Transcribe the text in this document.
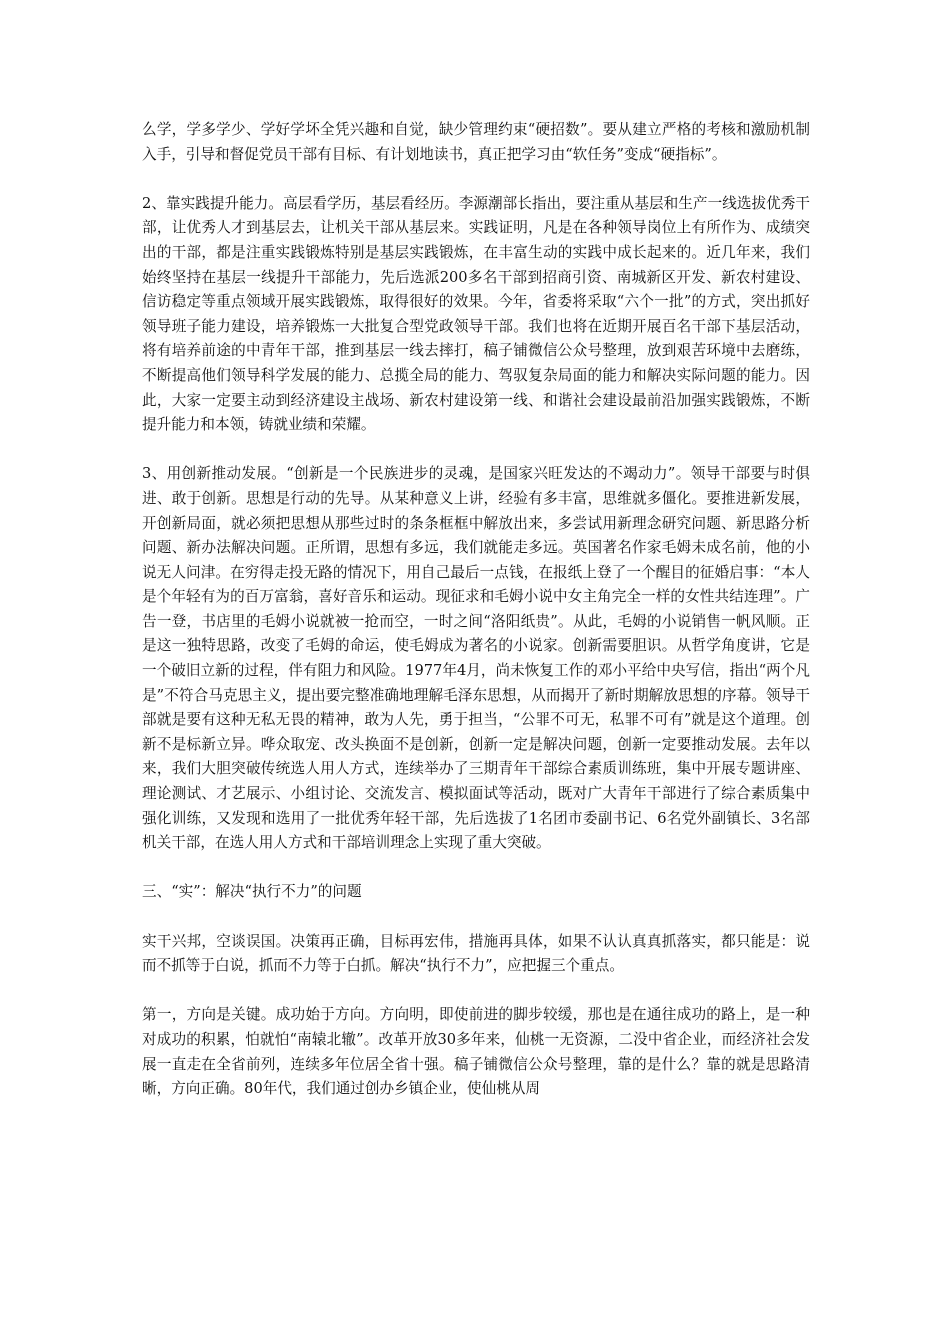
么学，学多学少、学好学坏全凭兴趣和自觉，缺少管理约束“硬招数”。要从建立严格的考核和激励机制入手，引导和督促党员干部有目标、有计划地读书，真正把学习由“软任务”变成“硬指标”。

2、靠实践提升能力。高层看学历，基层看经历。李源潮部长指出，要注重从基层和生产一线选拔优秀干部，让优秀人才到基层去，让机关干部从基层来。实践证明，凡是在各种领导岗位上有所作为、成绩突出的干部，都是注重实践锻炼特别是基层实践锻炼，在丰富生动的实践中成长起来的。近几年来，我们始终坚持在基层一线提升干部能力，先后选派200多名干部到招商引资、南城新区开发、新农村建设、信访稳定等重点领域开展实践锻炼，取得很好的效果。今年，省委将采取“六个一批”的方式，突出抓好领导班子能力建设，培养锻炼一大批复合型党政领导干部。我们也将在近期开展百名干部下基层活动，将有培养前途的中青年干部，推到基层一线去摔打，稿子铺微信公众号整理，放到艰苦环境中去磨练，不断提高他们领导科学发展的能力、总揽全局的能力、驾驭复杂局面的能力和解决实际问题的能力。因此，大家一定要主动到经济建设主战场、新农村建设第一线、和谐社会建设最前沿加强实践锻炼，不断提升能力和本领，铸就业绩和荣耀。

3、用创新推动发展。“创新是一个民族进步的灵魂，是国家兴旺发达的不竭动力”。领导干部要与时俱进、敢于创新。思想是行动的先导。从某种意义上讲，经验有多丰富，思维就多僵化。要推进新发展，开创新局面，就必须把思想从那些过时的条条框框中解放出来，多尝试用新理念研究问题、新思路分析问题、新办法解决问题。正所谓，思想有多远，我们就能走多远。英国著名作家毛姆未成名前，他的小说无人问津。在穷得走投无路的情况下，用自己最后一点钱，在报纸上登了一个醒目的征婚启事：“本人是个年轻有为的百万富翁，喜好音乐和运动。现征求和毛姆小说中女主角完全一样的女性共结连理”。广告一登，书店里的毛姆小说就被一抢而空，一时之间“洛阳纸贵”。从此，毛姆的小说销售一帆风顺。正是这一独特思路，改变了毛姆的命运，使毛姆成为著名的小说家。创新需要胆识。从哲学角度讲，它是一个破旧立新的过程，伴有阻力和风险。1977年4月，尚未恢复工作的邓小平给中央写信，指出“两个凡是”不符合马克思主义，提出要完整准确地理解毛泽东思想，从而揭开了新时期解放思想的序幕。领导干部就是要有这种无私无畏的精神，敢为人先，勇于担当，“公罪不可无，私罪不可有”就是这个道理。创新不是标新立异。哗众取宠、改头换面不是创新，创新一定是解决问题，创新一定要推动发展。去年以来，我们大胆突破传统选人用人方式，连续举办了三期青年干部综合素质训练班，集中开展专题讲座、理论测试、才艺展示、小组讨论、交流发言、模拟面试等活动，既对广大青年干部进行了综合素质集中强化训练，又发现和选用了一批优秀年轻干部，先后选拔了1名团市委副书记、6名党外副镇长、3名部机关干部，在选人用人方式和干部培训理念上实现了重大突破。

三、“实”：解决“执行不力”的问题

实干兴邦，空谈误国。决策再正确，目标再宏伟，措施再具体，如果不认认真真抓落实，都只能是：说而不抓等于白说，抓而不力等于白抓。解决“执行不力”，应把握三个重点。

第一，方向是关键。成功始于方向。方向明，即使前进的脚步较缓，那也是在通往成功的路上，是一种对成功的积累，怕就怕“南辕北辙”。改革开放30多年来，仙桃一无资源，二没中省企业，而经济社会发展一直走在全省前列，连续多年位居全省十强。稿子铺微信公众号整理，靠的是什么？靠的就是思路清晰，方向正确。80年代，我们通过创办乡镇企业，使仙桃从周
